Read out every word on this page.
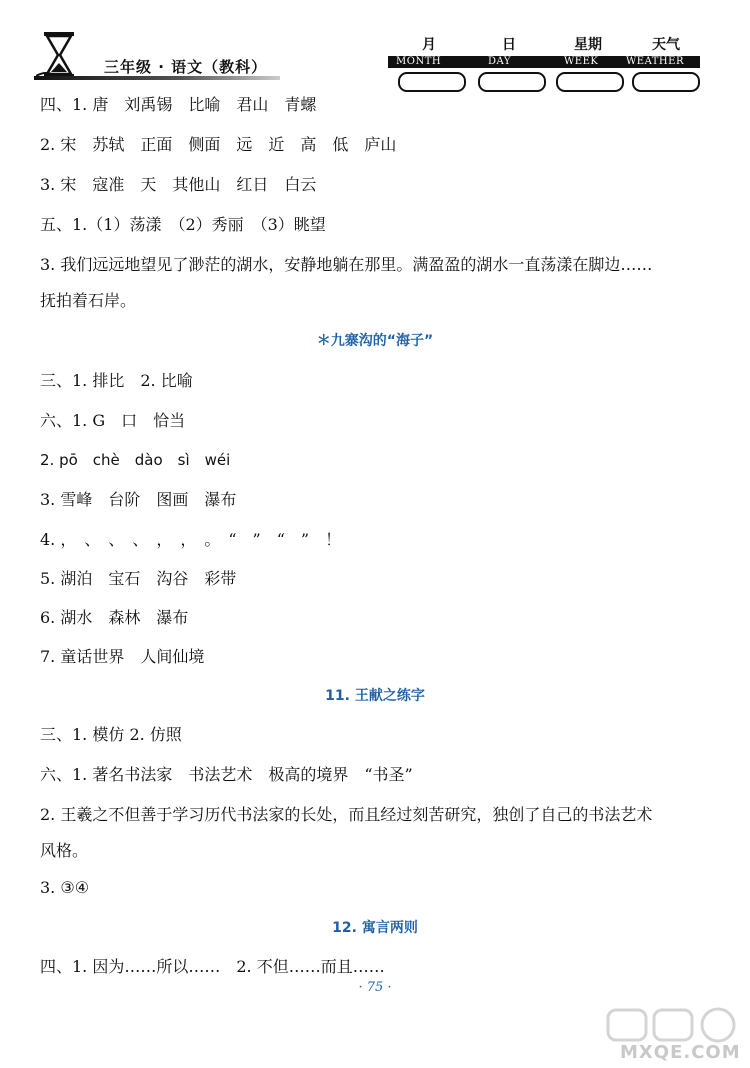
三年级 · 语文（教科）
月	日	星期	天气
MONTH	DAY	WEEK	WEATHER
四、1. 唐　刘禹锡　比喻　君山　青螺
2. 宋　苏轼　正面　侧面　远　近　高　低　庐山
3. 宋　寇准　天　其他山　红日　白云
五、1.（1）荡漾　（2）秀丽　（3）眺望
3. 我们远远地望见了渺茫的湖水，安静地躺在那里。满盈盈的湖水一直荡漾在脚边……
抚拍着石岸。
＊九寨沟的“海子”
三、1. 排比　2. 比喻
六、1. G　口　恰当
2. pō　chè　dào　sì　wéi
3. 雪峰　台阶　图画　瀑布
4. ，　、　、　、　，　，　。　“　”　“　”　！
5. 湖泊　宝石　沟谷　彩带
6. 湖水　森林　瀑布
7. 童话世界　人间仙境
11. 王献之练字
三、1. 模仿 2. 仿照
六、1. 著名书法家　书法艺术　极高的境界　“书圣”
2. 王羲之不但善于学习历代书法家的长处，而且经过刻苦研究，独创了自己的书法艺术
风格。
3. ③④
12. 寓言两则
四、1. 因为……所以……　2. 不但……而且……
· 75 ·
MXQE.COM
